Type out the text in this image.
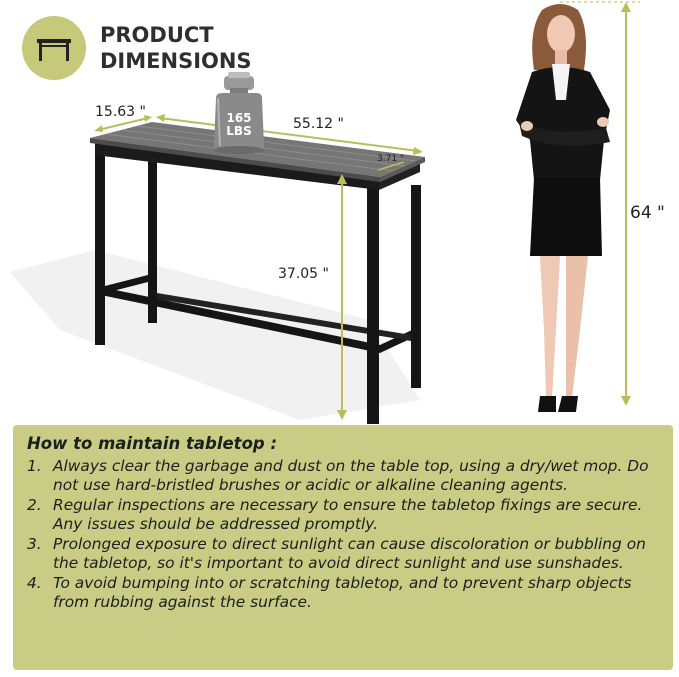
PRODUCT
DIMENSIONS
15.63 "
55.12 "
3.71 "
37.05 "
64 "
165
LBS
How to maintain tabletop :
1. Always clear the garbage and dust on the table top, using a dry/wet mop. Do not use hard-bristled brushes or acidic or alkaline cleaning agents.
2. Regular inspections are necessary to ensure the tabletop fixings are secure. Any issues should be addressed promptly.
3. Prolonged exposure to direct sunlight can cause discoloration or bubbling on the tabletop, so it's important to avoid direct sunlight and use sunshades.
4. To avoid bumping into or scratching tabletop, and to prevent sharp objects from rubbing against the surface.
